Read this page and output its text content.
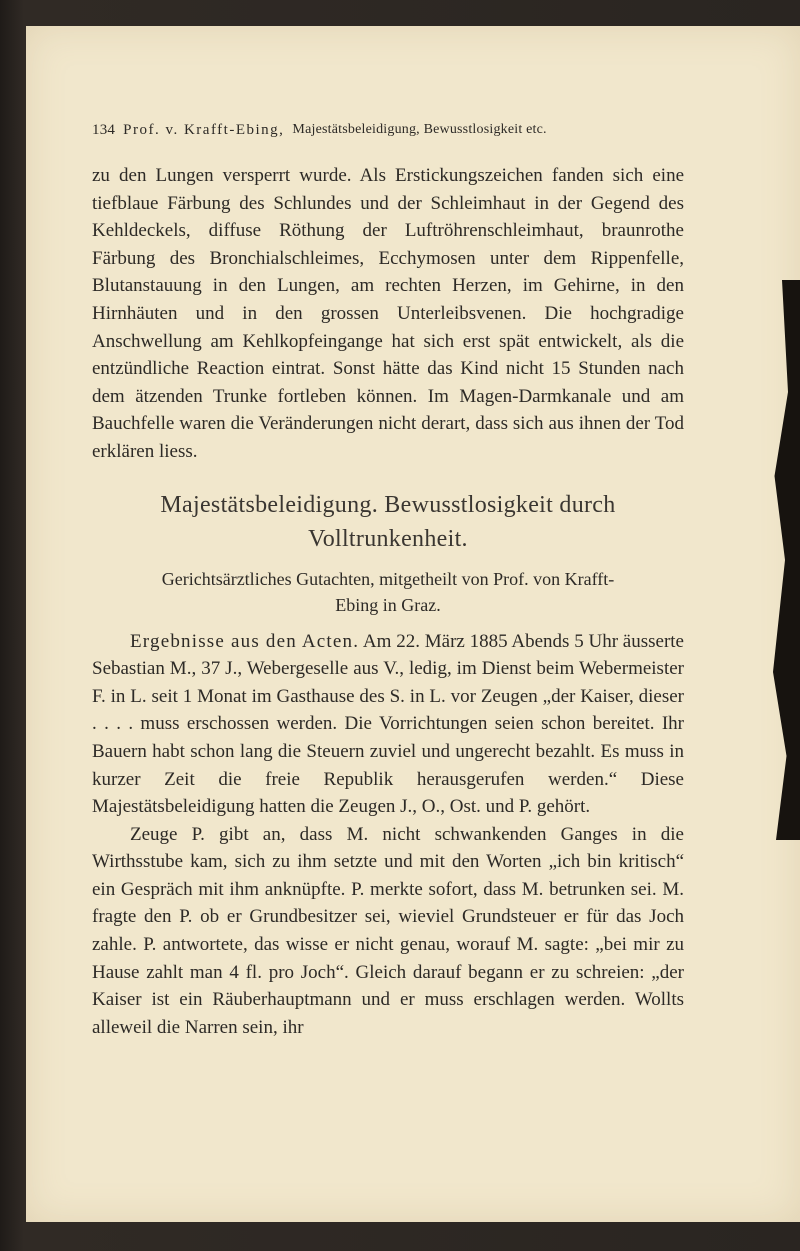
134 Prof. v. Krafft-Ebing, Majestätsbeleidigung, Bewusstlosigkeit etc.

zu den Lungen versperrt wurde. Als Erstickungszeichen fanden sich eine tiefblaue Färbung des Schlundes und der Schleimhaut in der Gegend des Kehldeckels, diffuse Röthung der Luftröhrenschleimhaut, braunrothe Färbung des Bronchialschleimes, Ecchymosen unter dem Rippenfelle, Blutanstauung in den Lungen, am rechten Herzen, im Gehirne, in den Hirnhäuten und in den grossen Unterleibsvenen. Die hochgradige Anschwellung am Kehlkopfeingange hat sich erst spät entwickelt, als die entzündliche Reaction eintrat. Sonst hätte das Kind nicht 15 Stunden nach dem ätzenden Trunke fortleben können. Im Magen-Darmkanale und am Bauchfelle waren die Veränderungen nicht derart, dass sich aus ihnen der Tod erklären liess.

Majestätsbeleidigung. Bewusstlosigkeit durch
Volltrunkenheit.
Gerichtsärztliches Gutachten, mitgetheilt von Prof. von Krafft-
Ebing in Graz.

Ergebnisse aus den Acten. Am 22. März 1885 Abends 5 Uhr äusserte Sebastian M., 37 J., Webergeselle aus V., ledig, im Dienst beim Webermeister F. in L. seit 1 Monat im Gasthause des S. in L. vor Zeugen „der Kaiser, dieser . . . . muss erschossen werden. Die Vorrichtungen seien schon bereitet. Ihr Bauern habt schon lang die Steuern zuviel und ungerecht bezahlt. Es muss in kurzer Zeit die freie Republik herausgerufen werden.“ Diese Majestätsbeleidigung hatten die Zeugen J., O., Ost. und P. gehört.

Zeuge P. gibt an, dass M. nicht schwankenden Ganges in die Wirthsstube kam, sich zu ihm setzte und mit den Worten „ich bin kritisch“ ein Gespräch mit ihm anknüpfte. P. merkte sofort, dass M. betrunken sei. M. fragte den P. ob er Grundbesitzer sei, wieviel Grundsteuer er für das Joch zahle. P. antwortete, das wisse er nicht genau, worauf M. sagte: „bei mir zu Hause zahlt man 4 fl. pro Joch“. Gleich darauf begann er zu schreien: „der Kaiser ist ein Räuberhauptmann und er muss erschlagen werden. Wollts alleweil die Narren sein, ihr
